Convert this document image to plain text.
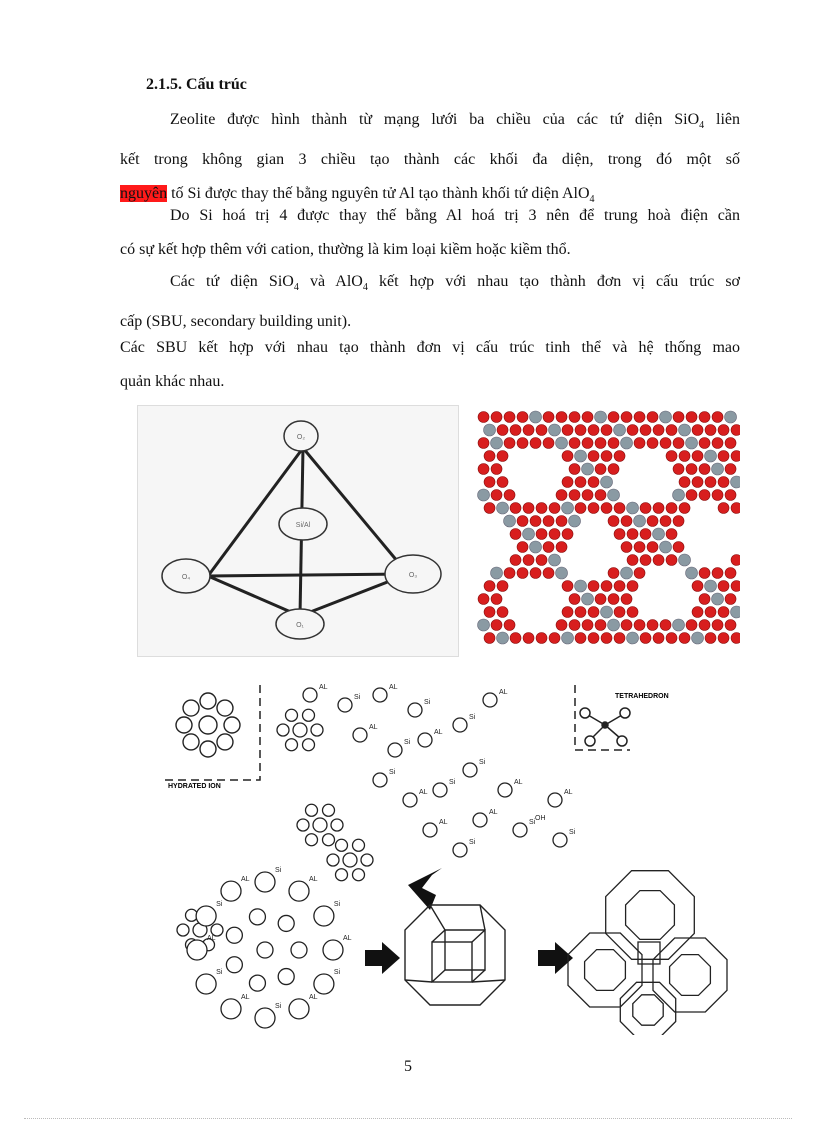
2.1.5. Cấu trúc
Zeolite được hình thành từ mạng lưới ba chiều của các tứ diện SiO$_4$ liên
kết trong không gian 3 chiều tạo thành các khối đa diện, trong đó một số
nguyên tố Si được thay thế bằng nguyên tử Al tạo thành khối tứ diện AlO$_4$
Do Si hoá trị 4 được thay thế bằng Al hoá trị 3 nên để trung hoà điện cần
có sự kết hợp thêm với cation, thường là kim loại kiềm hoặc kiềm thổ.
Các tứ diện SiO$_4$ và AlO$_4$ kết hợp với nhau tạo thành đơn vị cấu trúc sơ
cấp (SBU, secondary building unit).
Các SBU kết hợp với nhau tạo thành đơn vị cấu trúc tinh thể và hệ thống mao
quản khác nhau.
O₂
Si/Al
O₄	O₃
O₁
HYDRATED ION
TETRAHEDRON
AL
Si
AL
Si
AL
Si
AL
Si
AL
Si
AL
Si
AL
Si
AL
Si
AL
Si
AL
Si
AL
Si
AL
Si
AL
Si
AL
Si
AL
Si
AL
Si
OH
5
